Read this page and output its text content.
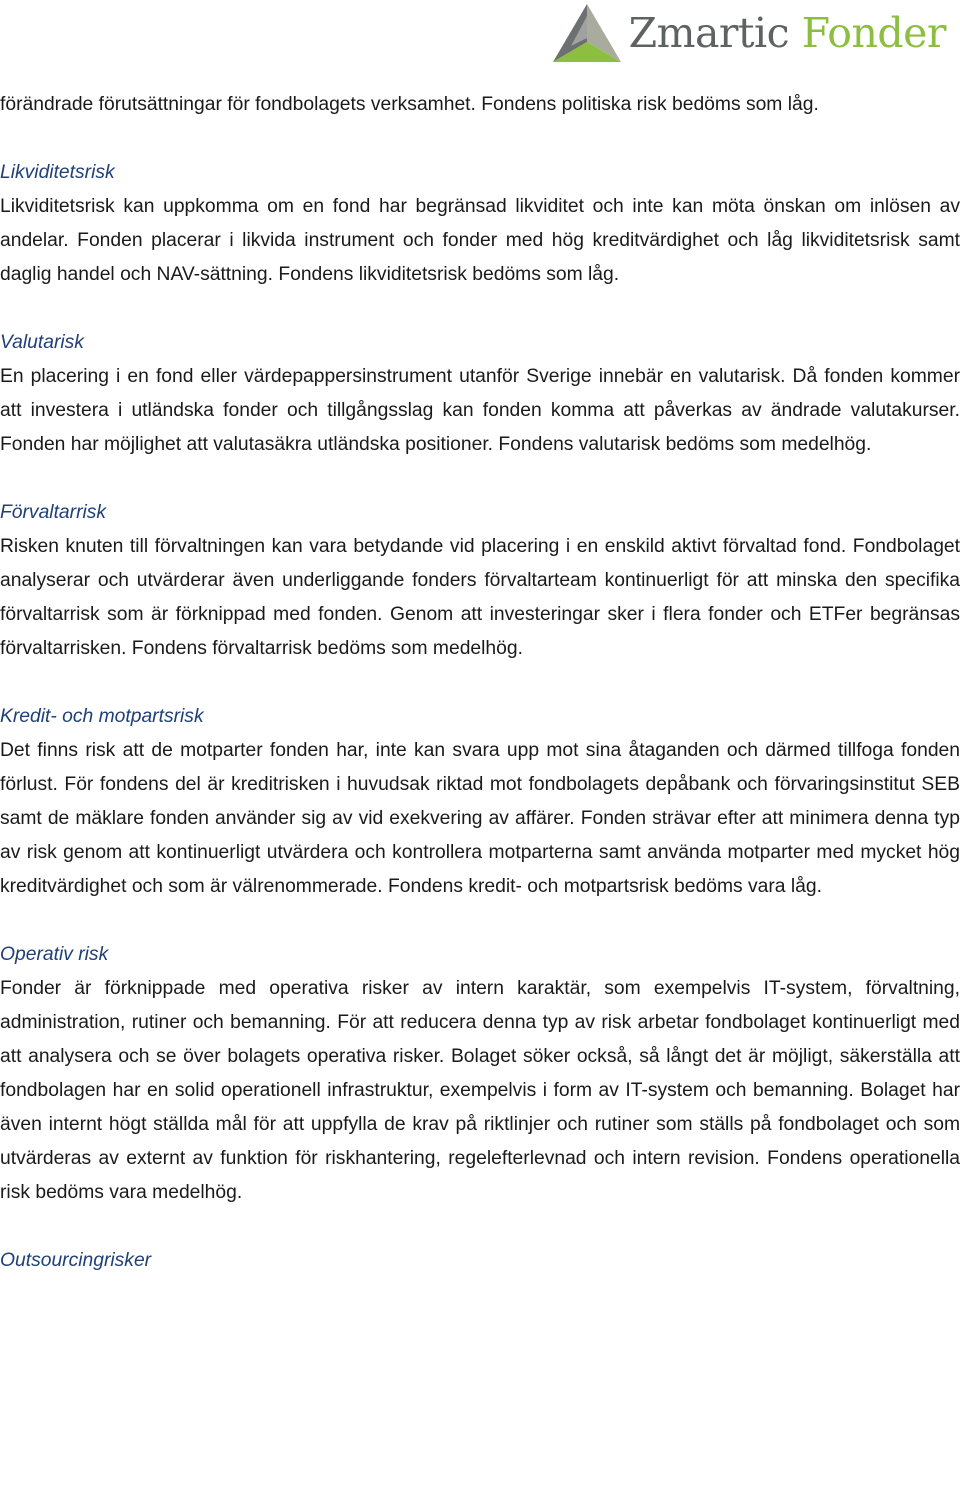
Zmartic Fonder

förändrade förutsättningar för fondbolagets verksamhet. Fondens politiska risk bedöms som låg.

Likviditetsrisk

Likviditetsrisk kan uppkomma om en fond har begränsad likviditet och inte kan möta önskan om inlösen av andelar. Fonden placerar i likvida instrument och fonder med hög kreditvärdighet och låg likviditetsrisk samt daglig handel och NAV-sättning. Fondens likviditetsrisk bedöms som låg.

Valutarisk

En placering i en fond eller värdepappersinstrument utanför Sverige innebär en valutarisk. Då fonden kommer att investera i utländska fonder och tillgångsslag kan fonden komma att påverkas av ändrade valutakurser. Fonden har möjlighet att valutasäkra utländska positioner. Fondens valutarisk bedöms som medelhög.

Förvaltarrisk

Risken knuten till förvaltningen kan vara betydande vid placering i en enskild aktivt förvaltad fond. Fondbolaget analyserar och utvärderar även underliggande fonders förvaltarteam kontinuerligt för att minska den specifika förvaltarrisk som är förknippad med fonden. Genom att investeringar sker i flera fonder och ETFer begränsas förvaltarrisken. Fondens förvaltarrisk bedöms som medelhög.

Kredit- och motpartsrisk

Det finns risk att de motparter fonden har, inte kan svara upp mot sina åtaganden och därmed tillfoga fonden förlust. För fondens del är kreditrisken i huvudsak riktad mot fondbolagets depåbank och förvaringsinstitut SEB samt de mäklare fonden använder sig av vid exekvering av affärer. Fonden strävar efter att minimera denna typ av risk genom att kontinuerligt utvärdera och kontrollera motparterna samt använda motparter med mycket hög kreditvärdighet och som är välrenommerade. Fondens kredit- och motpartsrisk bedöms vara låg.

Operativ risk

Fonder är förknippade med operativa risker av intern karaktär, som exempelvis IT-system, förvaltning, administration, rutiner och bemanning. För att reducera denna typ av risk arbetar fondbolaget kontinuerligt med att analysera och se över bolagets operativa risker. Bolaget söker också, så långt det är möjligt, säkerställa att fondbolagen har en solid operationell infrastruktur, exempelvis i form av IT-system och bemanning. Bolaget har även internt högt ställda mål för att uppfylla de krav på riktlinjer och rutiner som ställs på fondbolaget och som utvärderas av externt av funktion för riskhantering, regelefterlevnad och intern revision. Fondens operationella risk bedöms vara medelhög.

Outsourcingrisker
